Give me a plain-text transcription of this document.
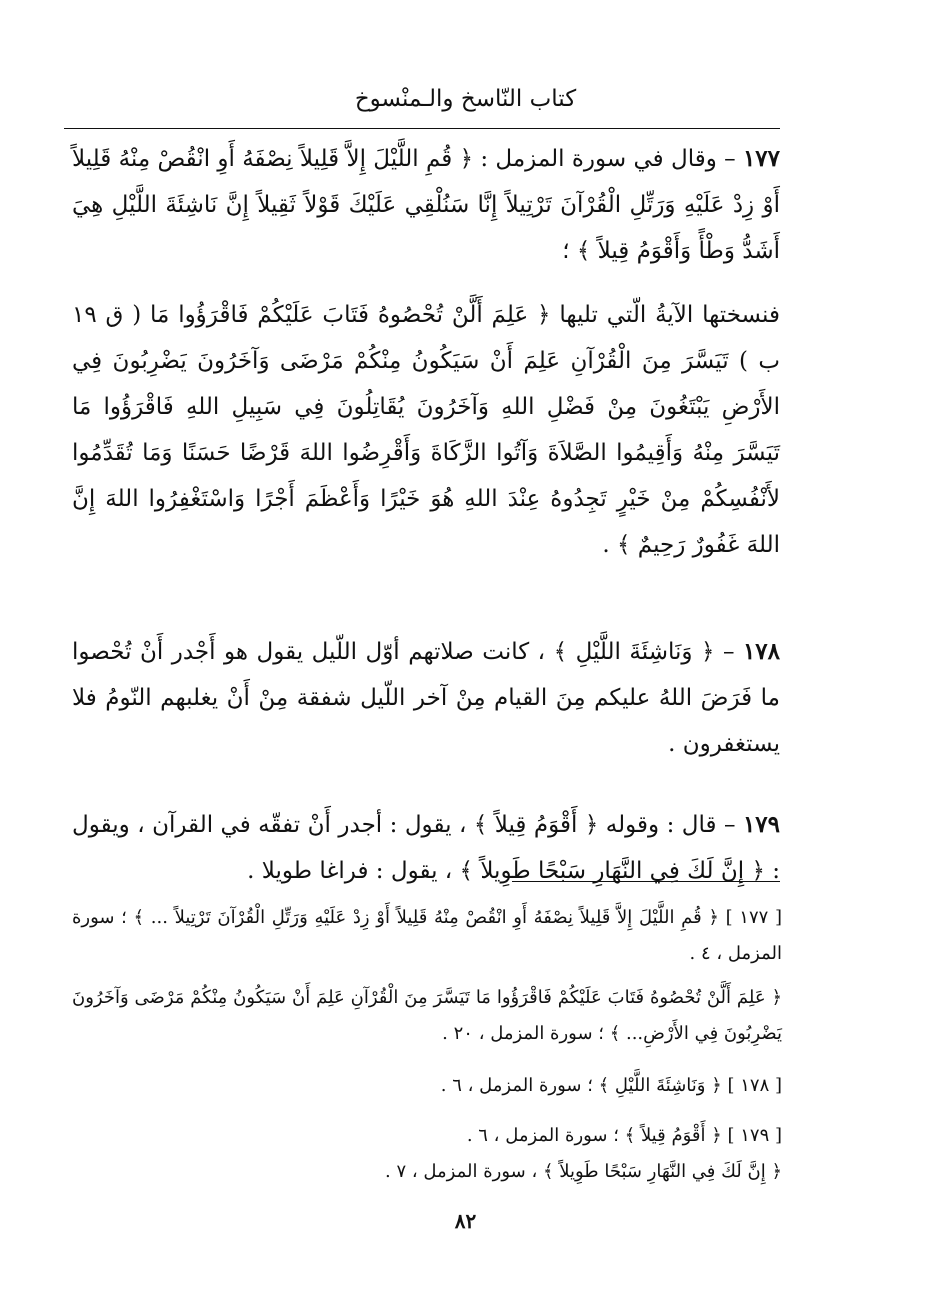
كتاب النّاسخ والـمنْسوخ

١٧٧ – وقال في سورة المزمل : ﴿ قُمِ اللَّيْلَ إِلاَّ قَلِيلاً نِصْفَهُ أَوِ انْقُصْ مِنْهُ قَلِيلاً أَوْ زِدْ عَلَيْهِ وَرَتِّلِ الْقُرْآنَ تَرْتِيلاً إِنَّا سَنُلْقِي عَلَيْكَ قَوْلاً ثَقِيلاً إِنَّ نَاشِئَةَ اللَّيْلِ هِيَ أَشَدُّ وَطْأً وَأَقْوَمُ قِيلاً ﴾ ؛

فنسختها الآيةُ الّتي تليها ﴿ عَلِمَ أَلَّنْ تُحْصُوهُ فَتَابَ عَلَيْكُمْ فَاقْرَؤُوا مَا ( ق ١٩ ب ) تَيَسَّرَ مِنَ الْقُرْآنِ عَلِمَ أَنْ سَيَكُونُ مِنْكُمْ مَرْضَى وَآخَرُونَ يَضْرِبُونَ فِي الأَرْضِ يَبْتَغُونَ مِنْ فَضْلِ اللهِ وَآخَرُونَ يُقَاتِلُونَ فِي سَبِيلِ اللهِ فَاقْرَؤُوا مَا تَيَسَّرَ مِنْهُ وَأَقِيمُوا الصَّلاَةَ وَآتُوا الزَّكَاةَ وَأَقْرِضُوا اللهَ قَرْضًا حَسَنًا وَمَا تُقَدِّمُوا لأَنْفُسِكُمْ مِنْ خَيْرٍ تَجِدُوهُ عِنْدَ اللهِ هُوَ خَيْرًا وَأَعْظَمَ أَجْرًا وَاسْتَغْفِرُوا اللهَ إِنَّ اللهَ غَفُورٌ رَحِيمٌ ﴾ .

١٧٨ – ﴿ وَنَاشِئَةَ اللَّيْلِ ﴾ ، كانت صلاتهم أوّل اللّيل يقول هو أَجْدر أَنْ تُحْصوا ما فَرَضَ اللهُ عليكم مِنَ القيام مِنْ آخر اللّيل شفقة مِنْ أَنْ يغلبهم النّومُ فلا يستغفرون .

١٧٩ – قال : وقوله ﴿ أَقْوَمُ قِيلاً ﴾ ، يقول : أجدر أَنْ تفقّه في القرآن ، ويقول : ﴿ إِنَّ لَكَ فِي النَّهَارِ سَبْحًا طَوِيلاً ﴾ ، يقول : فراغا طويلا .

[ ١٧٧ ] ﴿ قُمِ اللَّيْلَ إِلاَّ قَلِيلاً نِصْفَهُ أَوِ انْقُصْ مِنْهُ قَلِيلاً أَوْ زِدْ عَلَيْهِ وَرَتِّلِ الْقُرْآنَ تَرْتِيلاً ... ﴾ ؛ سورة المزمل ، ٤ .

﴿ عَلِمَ أَلَّنْ تُحْصُوهُ فَتَابَ عَلَيْكُمْ فَاقْرَؤُوا مَا تَيَسَّرَ مِنَ الْقُرْآنِ عَلِمَ أَنْ سَيَكُونُ مِنْكُمْ مَرْضَى وَآخَرُونَ يَضْرِبُونَ فِي الأَرْضِ... ﴾ ؛ سورة المزمل ، ٢٠ .

[ ١٧٨ ] ﴿ وَنَاشِئَةَ اللَّيْلِ ﴾ ؛ سورة المزمل ، ٦ .

[ ١٧٩ ] ﴿ أَقْوَمُ قِيلاً ﴾ ؛ سورة المزمل ، ٦ .

﴿ إِنَّ لَكَ فِي النَّهَارِ سَبْحًا طَوِيلاً ﴾ ، سورة المزمل ، ٧ .

٨٢
